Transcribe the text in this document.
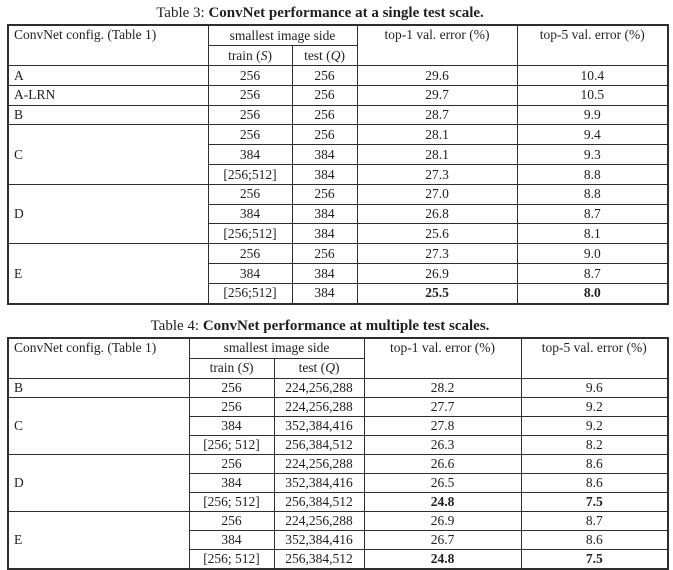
Table 3: ConvNet performance at a single test scale.
ConvNet config. (Table 1)	smallest image side		top-1 val. error (%)	top-5 val. error (%)
	train (S)	test (Q)		
A	256	256	29.6	10.4
A-LRN	256	256	29.7	10.5
B	256	256	28.7	9.9
C	256	256	28.1	9.4
	384	384	28.1	9.3
	[256;512]	384	27.3	8.8
D	256	256	27.0	8.8
	384	384	26.8	8.7
	[256;512]	384	25.6	8.1
E	256	256	27.3	9.0
	384	384	26.9	8.7
	[256;512]	384	25.5	8.0
Table 4: ConvNet performance at multiple test scales.
ConvNet config. (Table 1)	smallest image side		top-1 val. error (%)	top-5 val. error (%)
	train (S)	test (Q)		
B	256	224,256,288	28.2	9.6
C	256	224,256,288	27.7	9.2
	384	352,384,416	27.8	9.2
	[256; 512]	256,384,512	26.3	8.2
D	256	224,256,288	26.6	8.6
	384	352,384,416	26.5	8.6
	[256; 512]	256,384,512	24.8	7.5
E	256	224,256,288	26.9	8.7
	384	352,384,416	26.7	8.6
	[256; 512]	256,384,512	24.8	7.5
